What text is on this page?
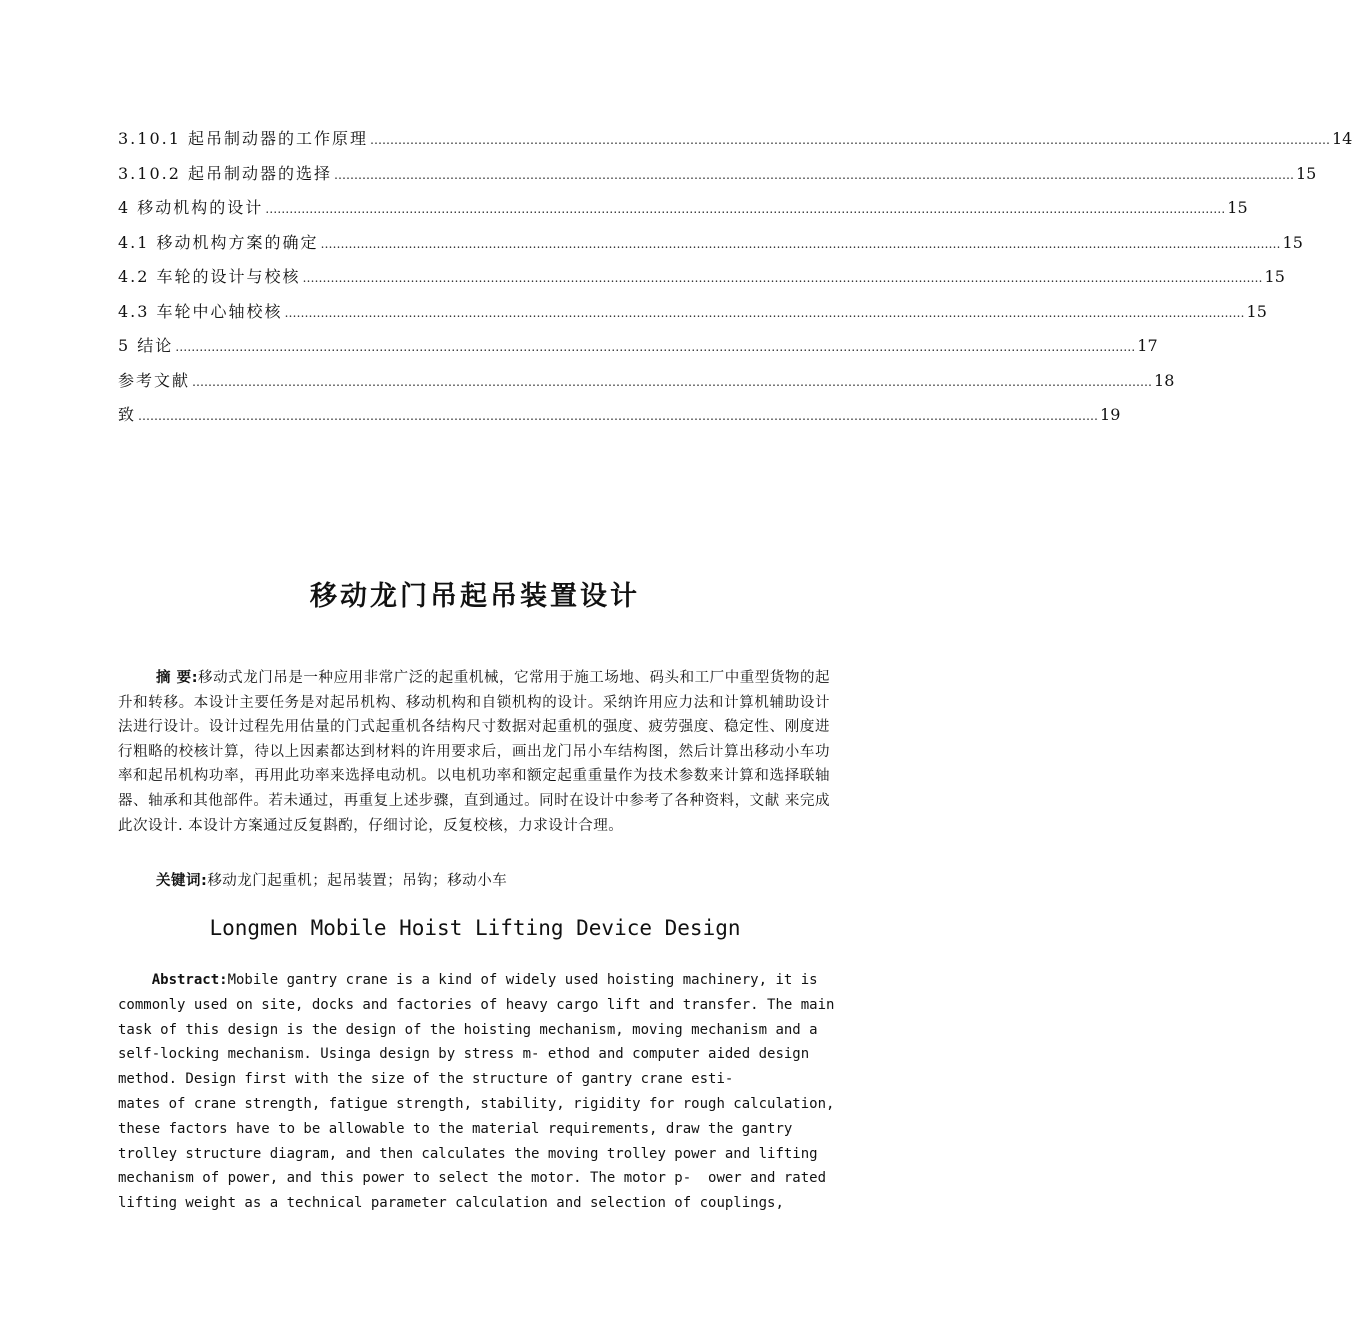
3.10.1 起吊制动器的工作原理 …………………………………………………………………………………………………………………………………………………………………………………………………………………… 14
3.10.2 起吊制动器的选择 …………………………………………………………………………………………………………………………………………………………………………………………………………………… 15
4 移动机构的设计 …………………………………………………………………………………………………………………………………………………………………………………………………………………… 15
4.1 移动机构方案的确定 …………………………………………………………………………………………………………………………………………………………………………………………………………………… 15
4.2 车轮的设计与校核 …………………………………………………………………………………………………………………………………………………………………………………………………………………… 15
4.3 车轮中心轴校核 …………………………………………………………………………………………………………………………………………………………………………………………………………………… 15
5 结论 …………………………………………………………………………………………………………………………………………………………………………………………………………………… 17
参考文献 …………………………………………………………………………………………………………………………………………………………………………………………………………………… 18
致 …………………………………………………………………………………………………………………………………………………………………………………………………………………… 19
移动龙门吊起吊装置设计
摘 要:移动式龙门吊是一种应用非常广泛的起重机械，它常用于施工场地、码头和工厂中重型货物的起升和转移。本设计主要任务是对起吊机构、移动机构和自锁机构的设计。采纳许用应力法和计算机辅助设计法进行设计。设计过程先用估量的门式起重机各结构尺寸数据对起重机的强度、疲劳强度、稳定性、刚度进行粗略的校核计算，待以上因素都达到材料的许用要求后，画出龙门吊小车结构图，然后计算出移动小车功率和起吊机构功率，再用此功率来选择电动机。以电机功率和额定起重重量作为技术参数来计算和选择联轴器、轴承和其他部件。若未通过，再重复上述步骤，直到通过。同时在设计中参考了各种资料，文献 来完成此次设计. 本设计方案通过反复斟酌，仔细讨论，反复校核，力求设计合理。
关键词:移动龙门起重机；起吊装置；吊钩；移动小车
Longmen Mobile Hoist Lifting Device Design
Abstract:Mobile gantry crane is a kind of widely used hoisting machinery, it is
commonly used on site, docks and factories of heavy cargo lift and transfer. The main
task of this design is the design of the hoisting mechanism, moving mechanism and a
self-locking mechanism. Usinga design by stress m- ethod and computer aided design
method. Design first with the size of the structure of gantry crane esti-
mates of crane strength, fatigue strength, stability, rigidity for rough calculation,
these factors have to be allowable to the material requirements, draw the gantry
trolley structure diagram, and then calculates the moving trolley power and lifting
mechanism of power, and this power to select the motor. The motor p-  ower and rated
lifting weight as a technical parameter calculation and selection of couplings,
